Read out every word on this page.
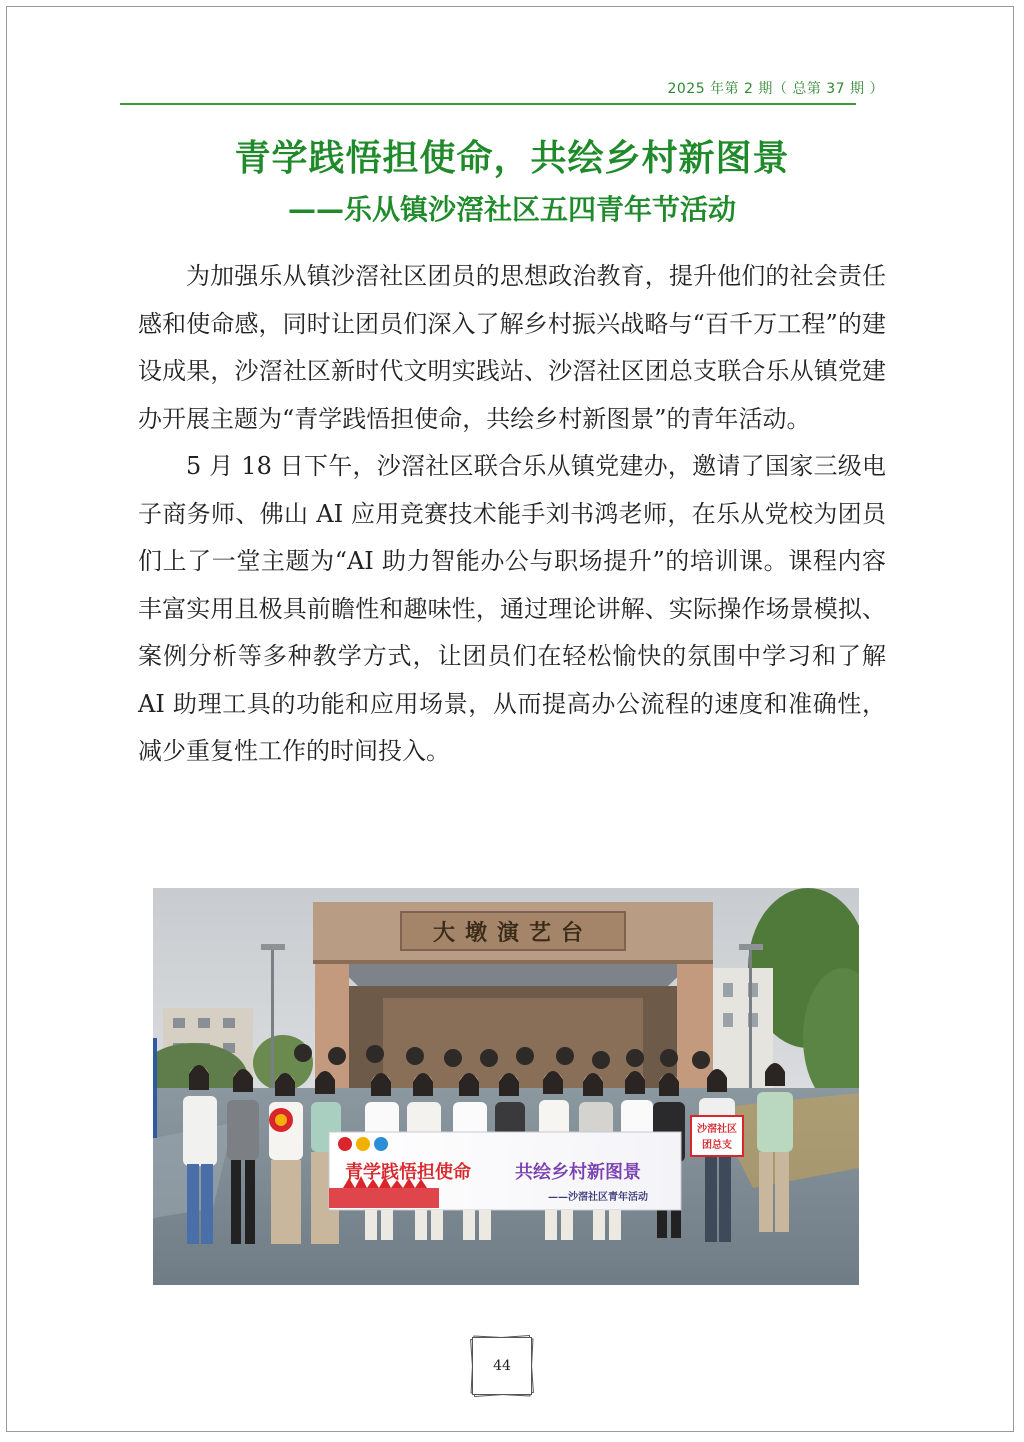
2025 年第 2 期（ 总第 37 期 ）
青学践悟担使命，共绘乡村新图景
——乐从镇沙滘社区五四青年节活动

为加强乐从镇沙滘社区团员的思想政治教育，提升他们的社会责任感和使命感，同时让团员们深入了解乡村振兴战略与“百千万工程”的建设成果，沙滘社区新时代文明实践站、沙滘社区团总支联合乐从镇党建办开展主题为“青学践悟担使命，共绘乡村新图景”的青年活动。

5 月 18 日下午，沙滘社区联合乐从镇党建办，邀请了国家三级电子商务师、佛山 AI 应用竞赛技术能手刘书鸿老师，在乐从党校为团员们上了一堂主题为“AI 助力智能办公与职场提升”的培训课。课程内容丰富实用且极具前瞻性和趣味性，通过理论讲解、实际操作场景模拟、案例分析等多种教学方式，让团员们在轻松愉快的氛围中学习和了解 AI 助理工具的功能和应用场景，从而提高办公流程的速度和准确性，减少重复性工作的时间投入。

大墩演艺台
青学践悟担使命 共绘乡村新图景
——沙滘社区青年活动
沙滘社区
团总支
44
